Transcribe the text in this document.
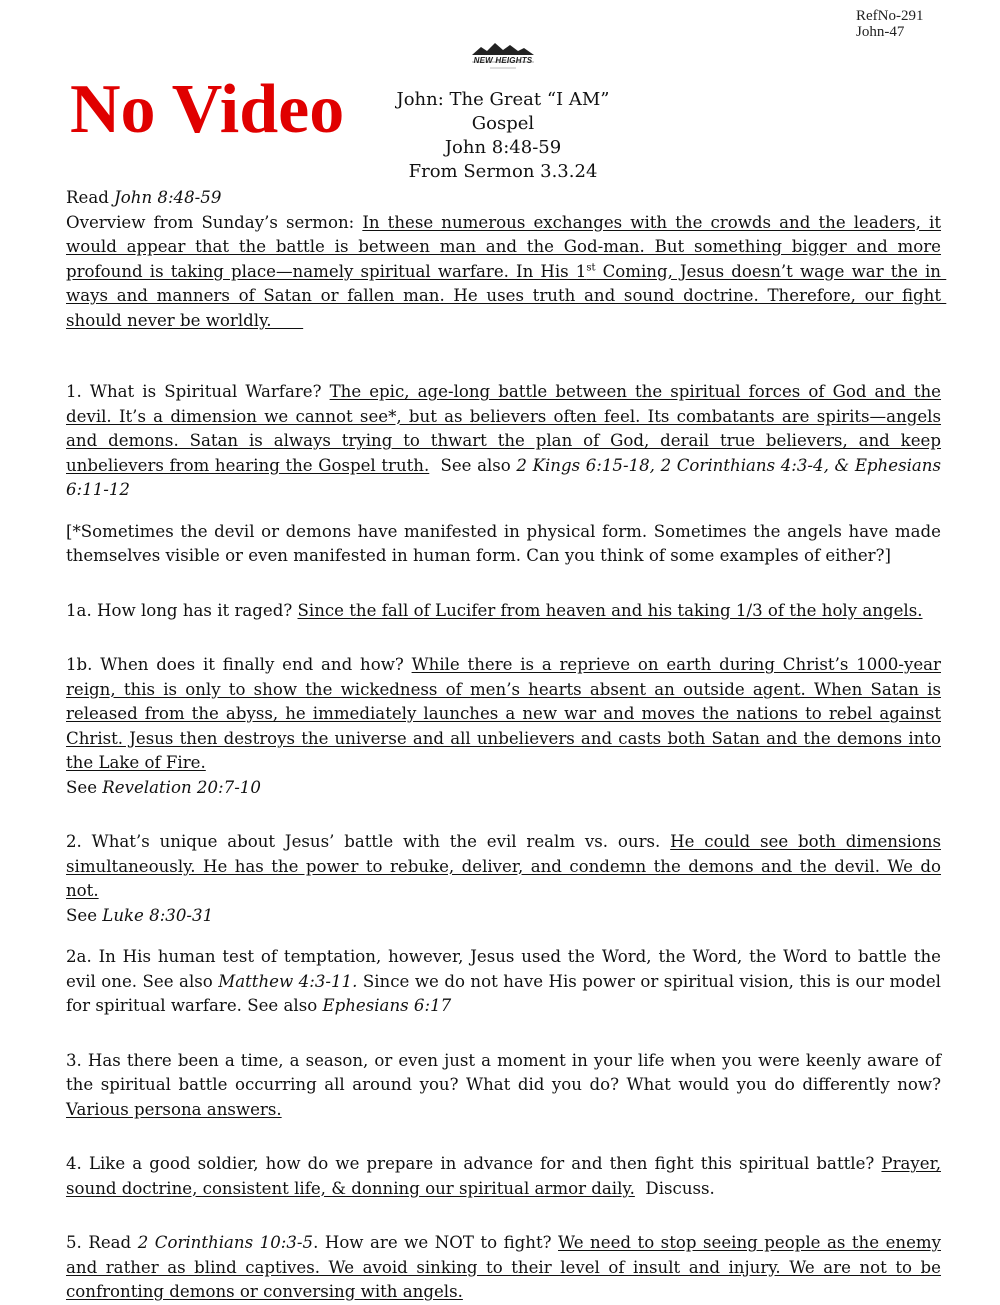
RefNo-291
John-47
NEW HEIGHTS
No Video	John: The Great “I AM” Gospel
John 8:48-59
From Sermon 3.3.24

Read John 8:48-59

Overview from Sunday’s sermon: In these numerous exchanges with the crowds and the leaders, it would appear that the battle is between man and the God-man. But something bigger and more profound is taking place—namely spiritual warfare. In His 1st Coming, Jesus doesn’t wage war the in ways and manners of Satan or fallen man. He uses truth and sound doctrine. Therefore, our fight should never be worldly.

1. What is Spiritual Warfare? The epic, age-long battle between the spiritual forces of God and the devil. It’s a dimension we cannot see*, but as believers often feel. Its combatants are spirits—angels and demons. Satan is always trying to thwart the plan of God, derail true believers, and keep unbelievers from hearing the Gospel truth.  See also 2 Kings 6:15-18, 2 Corinthians 4:3-4, & Ephesians 6:11-12

[*Sometimes the devil or demons have manifested in physical form. Sometimes the angels have made themselves visible or even manifested in human form. Can you think of some examples of either?]

1a. How long has it raged? Since the fall of Lucifer from heaven and his taking 1/3 of the holy angels.

1b. When does it finally end and how? While there is a reprieve on earth during Christ’s 1000-year reign, this is only to show the wickedness of men’s hearts absent an outside agent. When Satan is released from the abyss, he immediately launches a new war and moves the nations to rebel against Christ. Jesus then destroys the universe and all unbelievers and casts both Satan and the demons into the Lake of Fire.
See Revelation 20:7-10

2. What’s unique about Jesus’ battle with the evil realm vs. ours. He could see both dimensions simultaneously. He has the power to rebuke, deliver, and condemn the demons and the devil. We do not.
See Luke 8:30-31

2a. In His human test of temptation, however, Jesus used the Word, the Word, the Word to battle the evil one. See also Matthew 4:3-11. Since we do not have His power or spiritual vision, this is our model for spiritual warfare. See also Ephesians 6:17

3. Has there been a time, a season, or even just a moment in your life when you were keenly aware of the spiritual battle occurring all around you? What did you do? What would you do differently now? Various persona answers.

4. Like a good soldier, how do we prepare in advance for and then fight this spiritual battle? Prayer, sound doctrine, consistent life, & donning our spiritual armor daily.  Discuss.

5. Read 2 Corinthians 10:3-5. How are we NOT to fight? We need to stop seeing people as the enemy and rather as blind captives. We avoid sinking to their level of insult and injury. We are not to be confronting demons or conversing with angels.
